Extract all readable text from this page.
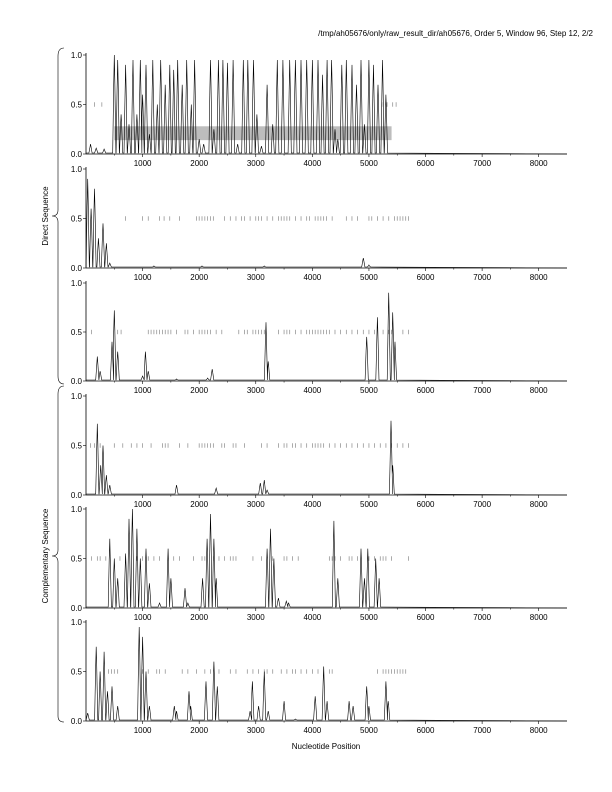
/tmp/ah05676/only/raw_result_dir/ah05676, Order 5, Window 96, Step 12, 2/2
0.0
0.5
1.0
1000	2000	3000	4000	5000	6000	7000	8000
0.0
0.5
1.0
1000	2000	3000	4000	5000	6000	7000	8000
0.0
0.5
1.0
1000	2000	3000	4000	5000	6000	7000	8000
0.0
0.5
1.0
1000	2000	3000	4000	5000	6000	7000	8000
0.0
0.5
1.0
1000	2000	3000	4000	5000	6000	7000	8000
0.0
0.5
1.0
1000	2000	3000	4000	5000	6000	7000	8000
Direct Sequence
Complementary Sequence
Nucleotide Position
